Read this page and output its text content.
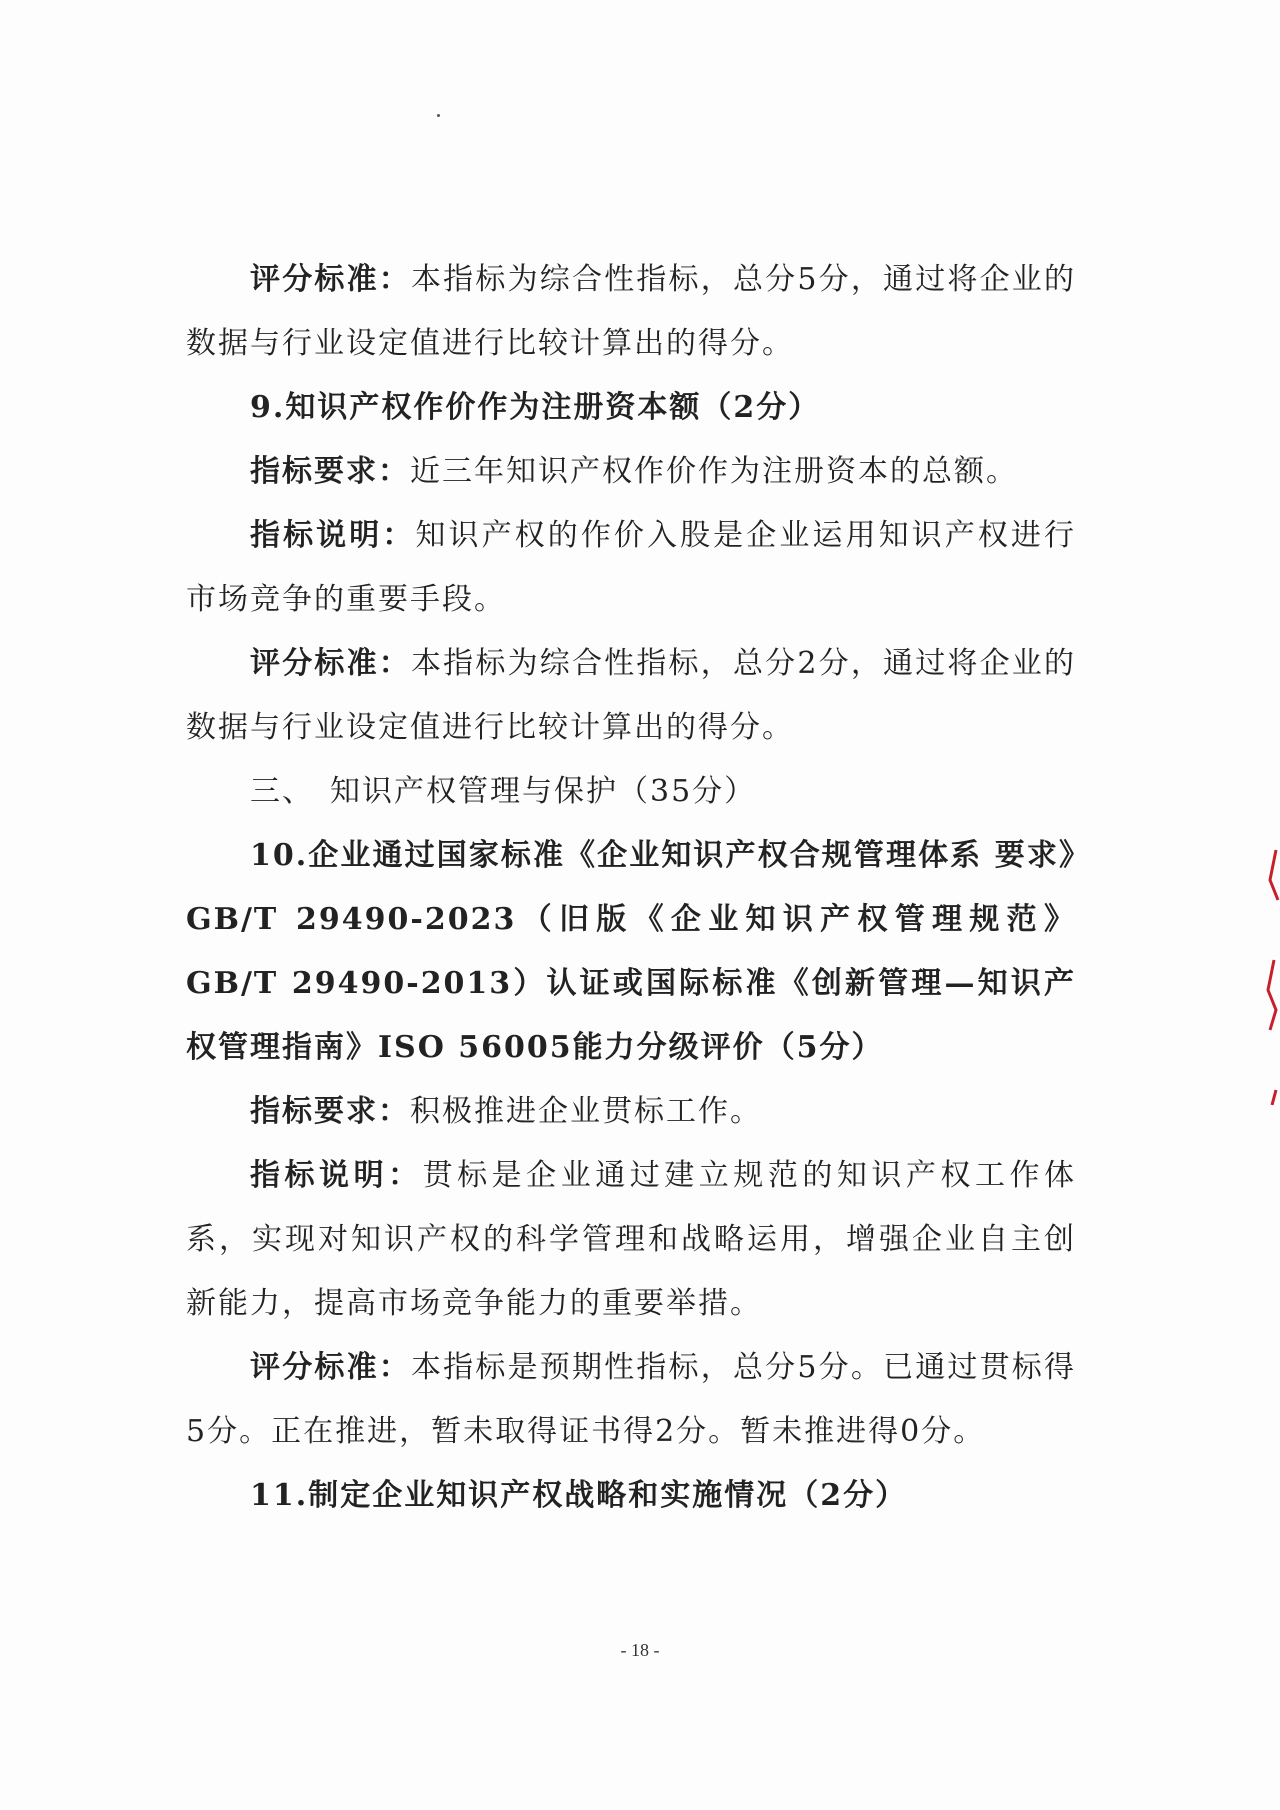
评分标准：本指标为综合性指标，总分5分，通过将企业的数据与行业设定值进行比较计算出的得分。

9.知识产权作价作为注册资本额（2分）

指标要求：近三年知识产权作价作为注册资本的总额。

指标说明：知识产权的作价入股是企业运用知识产权进行市场竞争的重要手段。

评分标准：本指标为综合性指标，总分2分，通过将企业的数据与行业设定值进行比较计算出的得分。

三、 知识产权管理与保护（35分）

10.企业通过国家标准《企业知识产权合规管理体系 要求》GB/T 29490-2023（旧版《企业知识产权管理规范》GB/T 29490-2013）认证或国际标准《创新管理—知识产权管理指南》ISO 56005能力分级评价（5分）

指标要求：积极推进企业贯标工作。

指标说明：贯标是企业通过建立规范的知识产权工作体系，实现对知识产权的科学管理和战略运用，增强企业自主创新能力，提高市场竞争能力的重要举措。

评分标准：本指标是预期性指标，总分5分。已通过贯标得5分。正在推进，暂未取得证书得2分。暂未推进得0分。

11.制定企业知识产权战略和实施情况（2分）

- 18 -
